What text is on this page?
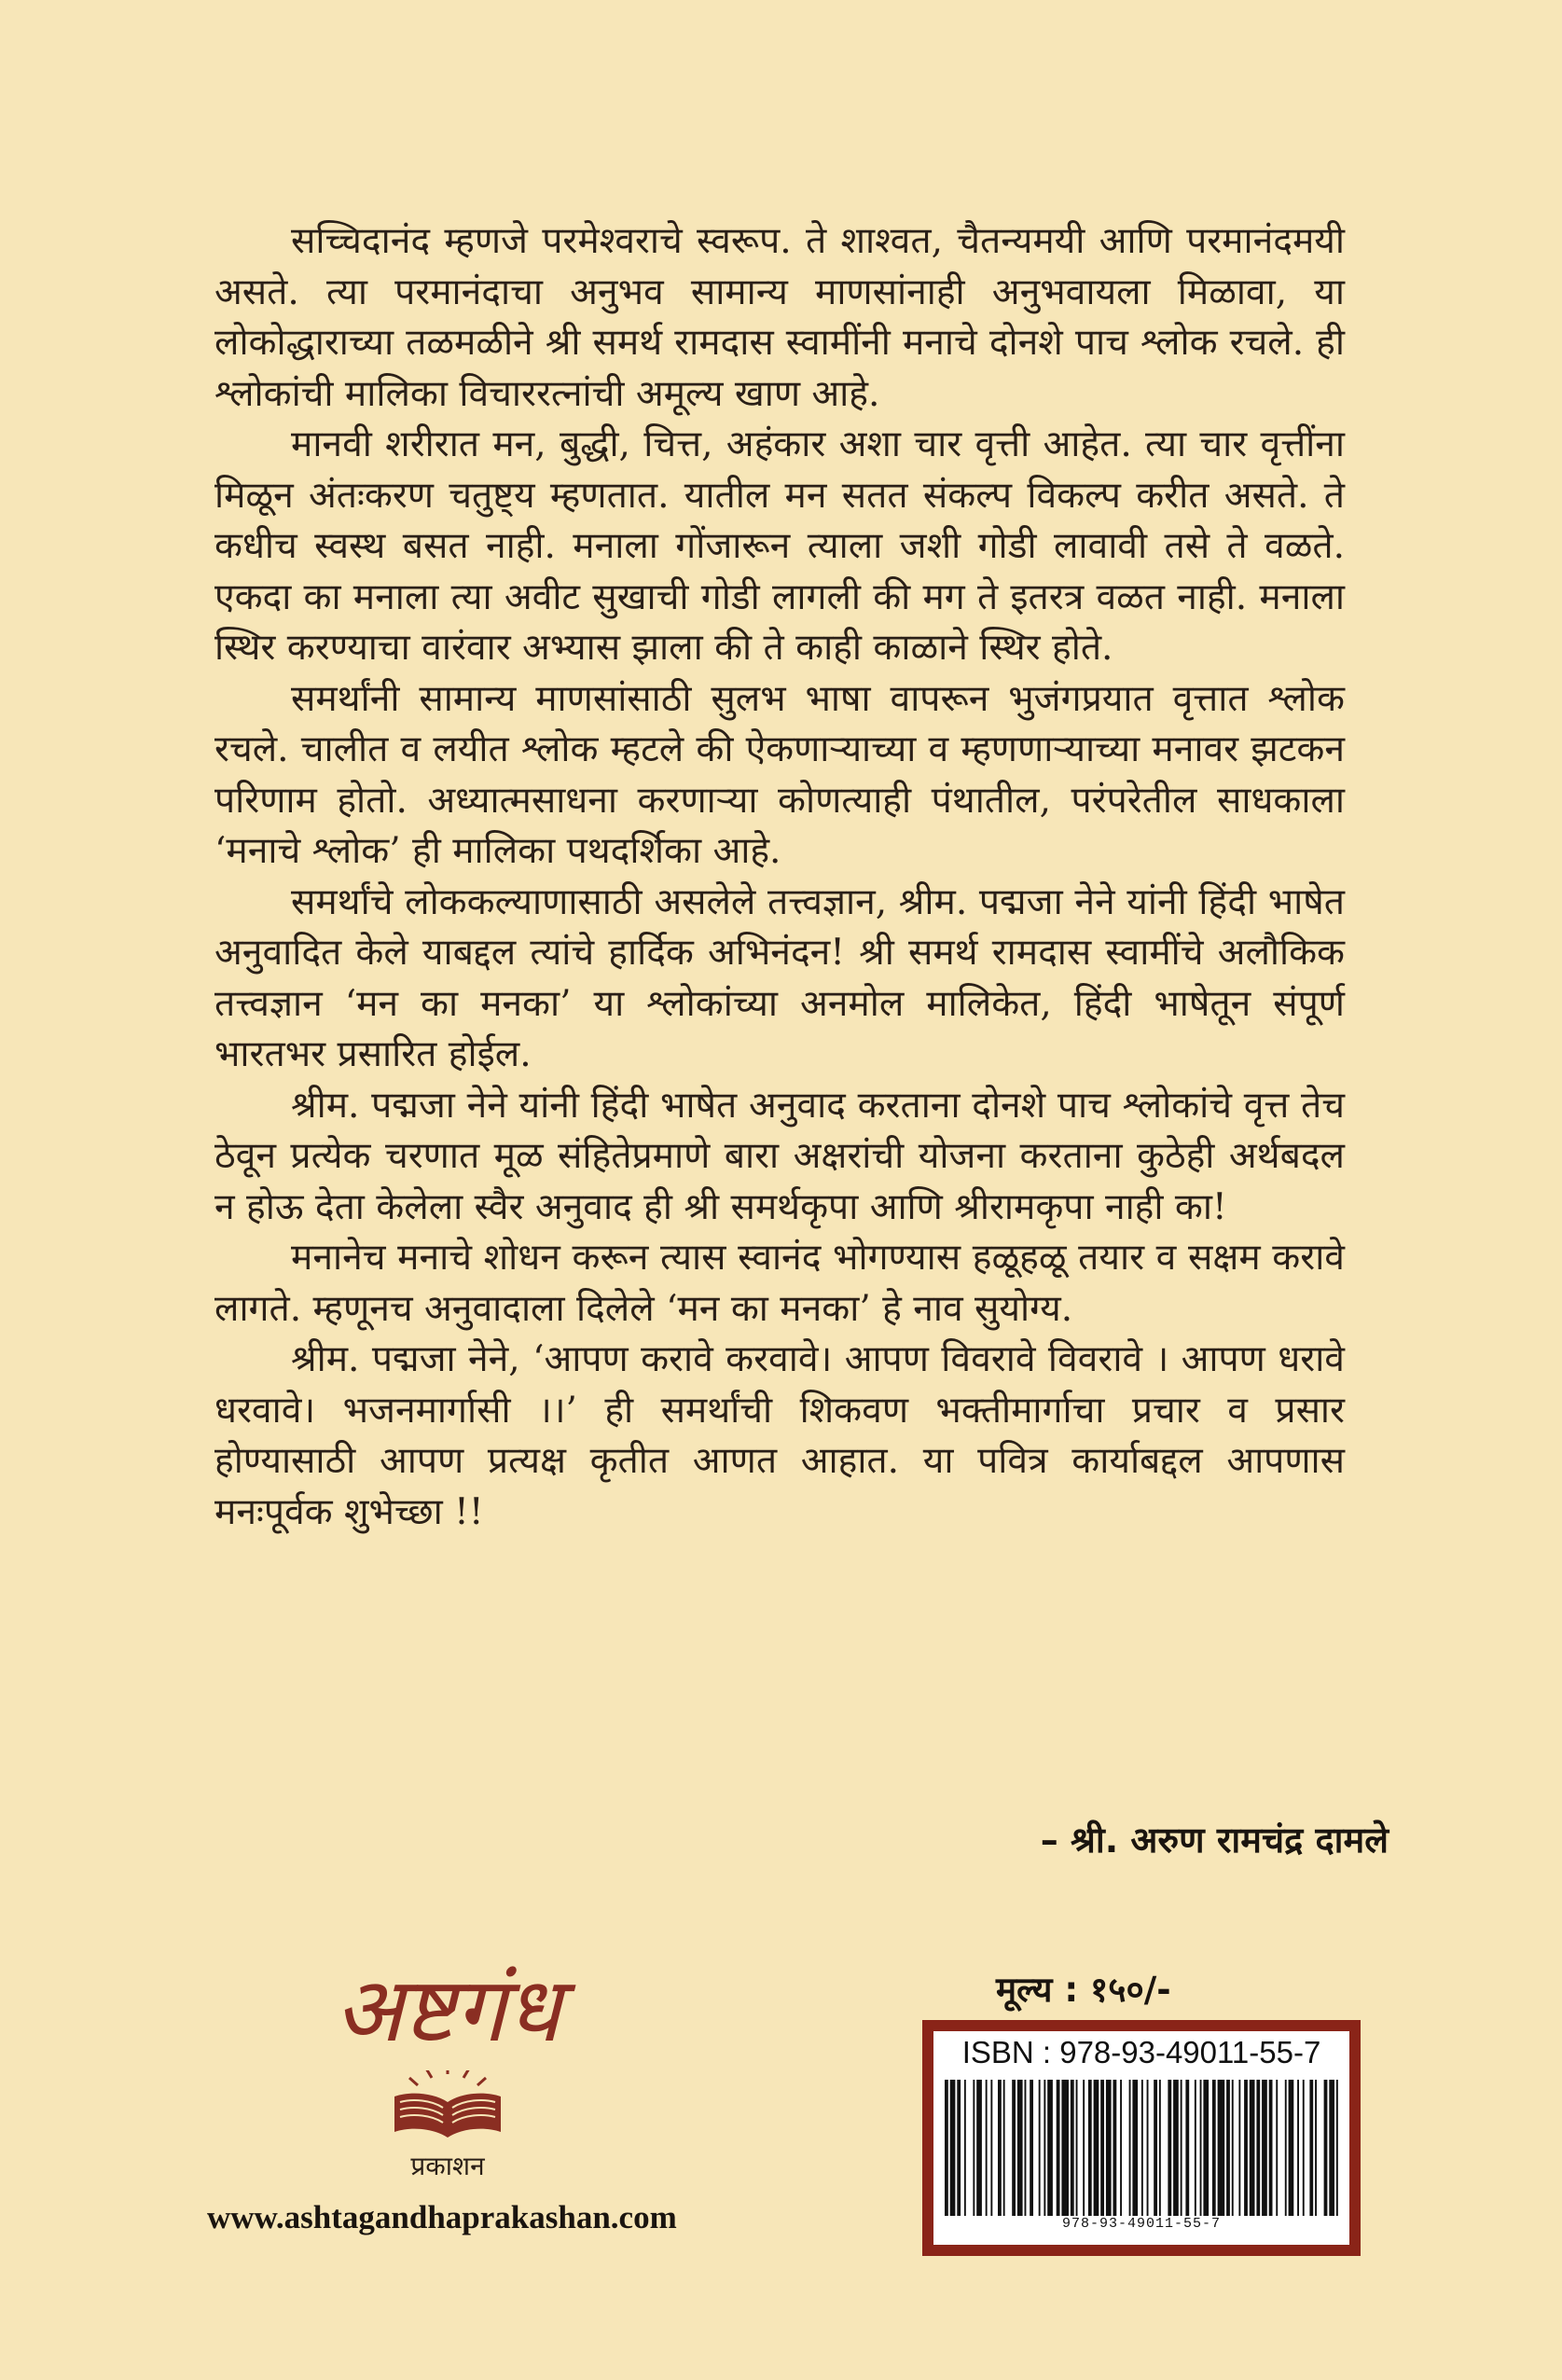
सच्चिदानंद म्हणजे परमेश्वराचे स्वरूप. ते शाश्वत, चैतन्यमयी आणि परमानंदमयी असते. त्या परमानंदाचा अनुभव सामान्य माणसांनाही अनुभवायला मिळावा, या लोकोद्धाराच्या तळमळीने श्री समर्थ रामदास स्वामींनी मनाचे दोनशे पाच श्लोक रचले. ही श्लोकांची मालिका विचाररत्नांची अमूल्य खाण आहे.

मानवी शरीरात मन, बुद्धी, चित्त, अहंकार अशा चार वृत्ती आहेत. त्या चार वृत्तींना मिळून अंतःकरण चतुष्ट्य म्हणतात. यातील मन सतत संकल्प विकल्प करीत असते. ते कधीच स्वस्थ बसत नाही. मनाला गोंजारून त्याला जशी गोडी लावावी तसे ते वळते. एकदा का मनाला त्या अवीट सुखाची गोडी लागली की मग ते इतरत्र वळत नाही. मनाला स्थिर करण्याचा वारंवार अभ्यास झाला की ते काही काळाने स्थिर होते.

समर्थांनी सामान्य माणसांसाठी सुलभ भाषा वापरून भुजंगप्रयात वृत्तात श्लोक रचले. चालीत व लयीत श्लोक म्हटले की ऐकणाऱ्याच्या व म्हणणाऱ्याच्या मनावर झटकन परिणाम होतो. अध्यात्मसाधना करणाऱ्या कोणत्याही पंथातील, परंपरेतील साधकाला ‘मनाचे श्लोक’ ही मालिका पथदर्शिका आहे.

समर्थांचे लोककल्याणासाठी असलेले तत्त्वज्ञान, श्रीम. पद्मजा नेने यांनी हिंदी भाषेत अनुवादित केले याबद्दल त्यांचे हार्दिक अभिनंदन! श्री समर्थ रामदास स्वामींचे अलौकिक तत्त्वज्ञान ‘मन का मनका’ या श्लोकांच्या अनमोल मालिकेत, हिंदी भाषेतून संपूर्ण भारतभर प्रसारित होईल.

श्रीम. पद्मजा नेने यांनी हिंदी भाषेत अनुवाद करताना दोनशे पाच श्लोकांचे वृत्त तेच ठेवून प्रत्येक चरणात मूळ संहितेप्रमाणे बारा अक्षरांची योजना करताना कुठेही अर्थबदल न होऊ देता केलेला स्वैर अनुवाद ही श्री समर्थकृपा आणि श्रीरामकृपा नाही का!

मनानेच मनाचे शोधन करून त्यास स्वानंद भोगण्यास हळूहळू तयार व सक्षम करावे लागते. म्हणूनच अनुवादाला दिलेले ‘मन का मनका’ हे नाव सुयोग्य.

श्रीम. पद्मजा नेने, ‘आपण करावे करवावे। आपण विवरावे विवरावे । आपण धरावे धरवावे। भजनमार्गासी ।।’ ही समर्थांची शिकवण भक्तीमार्गाचा प्रचार व प्रसार होण्यासाठी आपण प्रत्यक्ष कृतीत आणत आहात. या पवित्र कार्याबद्दल आपणास मनःपूर्वक शुभेच्छा !!

– श्री. अरुण रामचंद्र दामले
अष्टगंध
प्रकाशन
www.ashtagandhaprakashan.com
मूल्य : १५०/-
ISBN : 978-93-49011-55-7
978-93-49011-55-7
